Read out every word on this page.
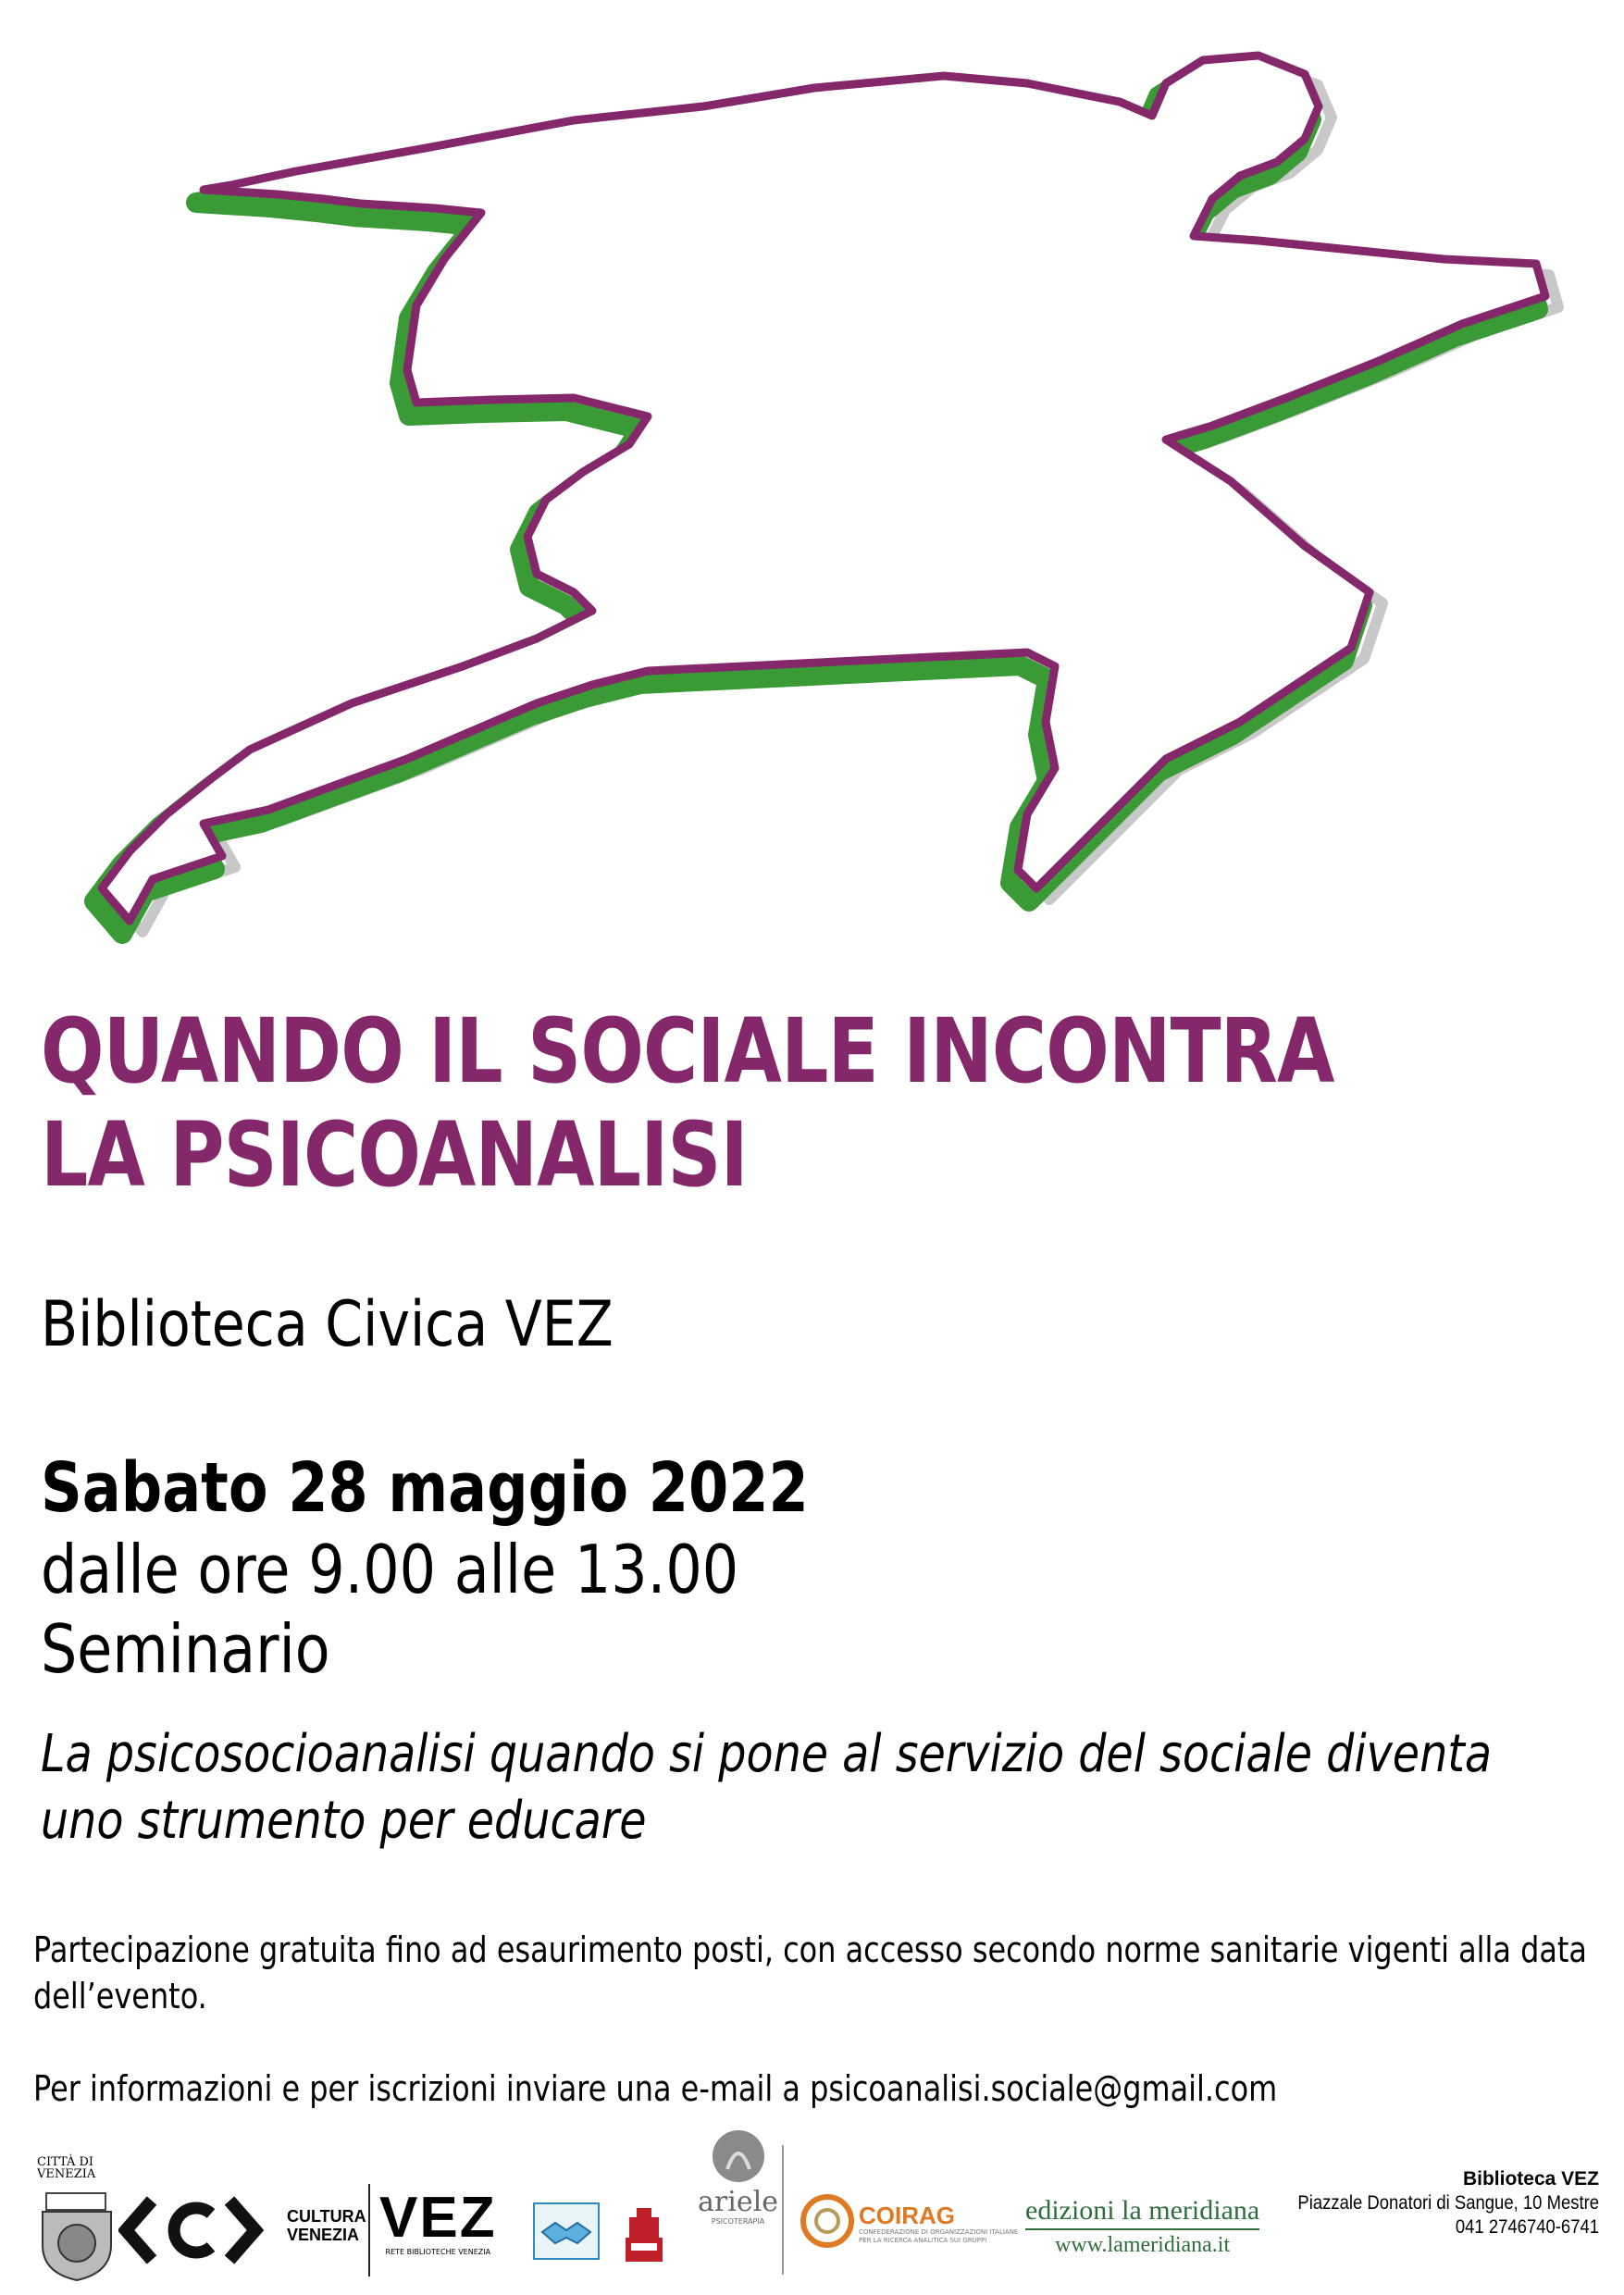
QUANDO IL SOCIALE INCONTRA
LA PSICOANALISI
Biblioteca Civica VEZ
Sabato 28 maggio 2022
dalle ore 9.00 alle 13.00
Seminario

La psicosocioanalisi quando si pone al servizio del sociale diventa uno strumento per educare

Partecipazione gratuita fino ad esaurimento posti, con accesso secondo norme sanitarie vigenti alla data dell’evento.

Per informazioni e per iscrizioni inviare una e-mail a psicoanalisi.sociale@gmail.com
CITTÀ DI VENEZIA
CULTURA
VENEZIA VEZ
RETE BIBLIOTECHE VENEZIA
ariele
PSICOTERAPIA	COIRAG
CONFEDERAZIONE DI ORGANIZZAZIONI ITALIANE PER LA RICERCA ANALITICA SUI GRUPPI
edizioni la meridiana
www.lameridiana.it
Biblioteca VEZ
Piazzale Donatori di Sangue, 10 Mestre
041 2746740-6741
